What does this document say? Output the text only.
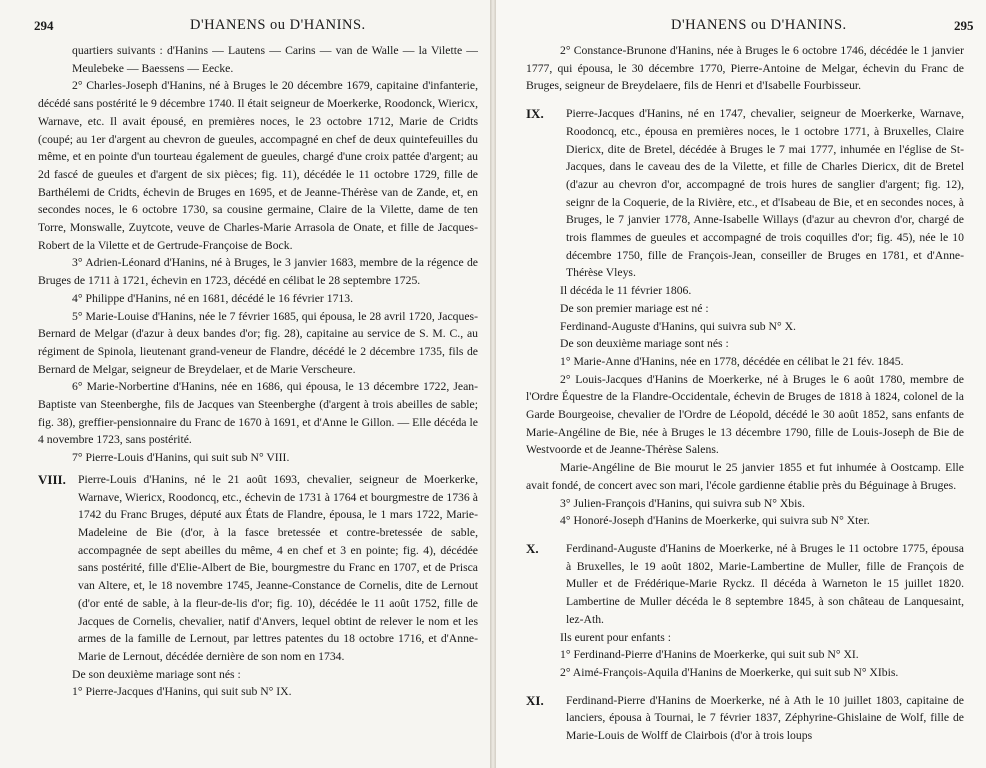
294	D'HANENS ou D'HANINS.

quartiers suivants : d'Hanins — Lautens — Carins — van de Walle — la Vilette — Meulebeke — Baessens — Eecke.

2° Charles-Joseph d'Hanins, né à Bruges le 20 décembre 1679, capitaine d'infanterie, décédé sans postérité le 9 décembre 1740. Il était seigneur de Moerkerke, Roodonck, Wiericx, Warnave, etc. Il avait épousé, en premières noces, le 23 octobre 1712, Marie de Cridts (coupé; au 1er d'argent au chevron de gueules, accompagné en chef de deux quintefeuilles du même, et en pointe d'un tourteau également de gueules, chargé d'une croix pattée d'argent; au 2d fascé de gueules et d'argent de six pièces; fig. 11), décédée le 11 octobre 1729, fille de Barthélemi de Cridts, échevin de Bruges en 1695, et de Jeanne-Thérèse van de Zande, et, en secondes noces, le 6 octobre 1730, sa cousine germaine, Claire de la Vilette, dame de ten Torre, Monswalle, Zuytcote, veuve de Charles-Marie Arrasola de Onate, et fille de Jacques-Robert de la Vilette et de Gertrude-Françoise de Bock.

3° Adrien-Léonard d'Hanins, né à Bruges, le 3 janvier 1683, membre de la régence de Bruges de 1711 à 1721, échevin en 1723, décédé en célibat le 28 septembre 1725.

4° Philippe d'Hanins, né en 1681, décédé le 16 février 1713.

5° Marie-Louise d'Hanins, née le 7 février 1685, qui épousa, le 28 avril 1720, Jacques-Bernard de Melgar (d'azur à deux bandes d'or; fig. 28), capitaine au service de S. M. C., au régiment de Spinola, lieutenant grand-veneur de Flandre, décédé le 2 décembre 1735, fils de Bernard de Melgar, seigneur de Breydelaer, et de Marie Verscheure.

6° Marie-Norbertine d'Hanins, née en 1686, qui épousa, le 13 décembre 1722, Jean-Baptiste van Steenberghe, fils de Jacques van Steenberghe (d'argent à trois abeilles de sable; fig. 38), greffier-pensionnaire du Franc de 1670 à 1691, et d'Anne le Gillon. — Elle décéda le 4 novembre 1723, sans postérité.

7° Pierre-Louis d'Hanins, qui suit sub N° VIII.

VIII. Pierre-Louis d'Hanins, né le 21 août 1693, chevalier, seigneur de Moerkerke, Warnave, Wiericx, Roodoncq, etc., échevin de 1731 à 1764 et bourgmestre de 1736 à 1742 du Franc Bruges, député aux États de Flandre, épousa, le 1 mars 1722, Marie-Madeleine de Bie (d'or, à la fasce bretessée et contre-bretessée de sable, accompagnée de sept abeilles du même, 4 en chef et 3 en pointe; fig. 4), décédée sans postérité, fille d'Elie-Albert de Bie, bourgmestre du Franc en 1707, et de Prisca van Altere, et, le 18 novembre 1745, Jeanne-Constance de Cornelis, dite de Lernout (d'or enté de sable, à la fleur-de-lis d'or; fig. 10), décédée le 11 août 1752, fille de Jacques de Cornelis, chevalier, natif d'Anvers, lequel obtint de relever le nom et les armes de la famille de Lernout, par lettres patentes du 18 octobre 1716, et d'Anne-Marie de Lernout, décédée dernière de son nom en 1734.

De son deuxième mariage sont nés :

1° Pierre-Jacques d'Hanins, qui suit sub N° IX.

295
D'HANENS ou D'HANINS.

2° Constance-Brunone d'Hanins, née à Bruges le 6 octobre 1746, décédée le 1 janvier 1777, qui épousa, le 30 décembre 1770, Pierre-Antoine de Melgar, échevin du Franc de Bruges, seigneur de Breydelaere, fils de Henri et d'Isabelle Fourbisseur.

IX. Pierre-Jacques d'Hanins, né en 1747, chevalier, seigneur de Moerkerke, Warnave, Roodoncq, etc., épousa en premières noces, le 1 octobre 1771, à Bruxelles, Claire Diericx, dite de Bretel, décédée à Bruges le 7 mai 1777, inhumée en l'église de St-Jacques, dans le caveau des de la Vilette, et fille de Charles Diericx, dit de Bretel (d'azur au chevron d'or, accompagné de trois hures de sanglier d'argent; fig. 12), seignr de la Coquerie, de la Rivière, etc., et d'Isabeau de Bie, et en secondes noces, à Bruges, le 7 janvier 1778, Anne-Isabelle Willays (d'azur au chevron d'or, chargé de trois flammes de gueules et accompagné de trois coquilles d'or; fig. 45), née le 10 décembre 1750, fille de François-Jean, conseiller de Bruges en 1781, et d'Anne-Thérèse Vleys.

Il décéda le 11 février 1806.

De son premier mariage est né :

Ferdinand-Auguste d'Hanins, qui suivra sub N° X.

De son deuxième mariage sont nés :

1° Marie-Anne d'Hanins, née en 1778, décédée en célibat le 21 fév. 1845.

2° Louis-Jacques d'Hanins de Moerkerke, né à Bruges le 6 août 1780, membre de l'Ordre Équestre de la Flandre-Occidentale, échevin de Bruges de 1818 à 1824, colonel de la Garde Bourgeoise, chevalier de l'Ordre de Léopold, décédé le 30 août 1852, sans enfants de Marie-Angéline de Bie, née à Bruges le 13 décembre 1790, fille de Louis-Joseph de Bie de Westvoorde et de Jeanne-Thérèse Salens.

Marie-Angéline de Bie mourut le 25 janvier 1855 et fut inhumée à Oostcamp. Elle avait fondé, de concert avec son mari, l'école gardienne établie près du Béguinage à Bruges.

3° Julien-François d'Hanins, qui suivra sub N° Xbis.

4° Honoré-Joseph d'Hanins de Moerkerke, qui suivra sub N° Xter.

X. Ferdinand-Auguste d'Hanins de Moerkerke, né à Bruges le 11 octobre 1775, épousa à Bruxelles, le 19 août 1802, Marie-Lambertine de Muller, fille de François de Muller et de Frédérique-Marie Ryckz. Il décéda à Warneton le 15 juillet 1820. Lambertine de Muller décéda le 8 septembre 1845, à son château de Lanquesaint, lez-Ath.

Ils eurent pour enfants :

1° Ferdinand-Pierre d'Hanins de Moerkerke, qui suit sub N° XI.

2° Aimé-François-Aquila d'Hanins de Moerkerke, qui suit sub N° XIbis.

XI. Ferdinand-Pierre d'Hanins de Moerkerke, né à Ath le 10 juillet 1803, capitaine de lanciers, épousa à Tournai, le 7 février 1837, Zéphyrine-Ghislaine de Wolf, fille de Marie-Louis de Wolff de Clairbois (d'or à trois loups
